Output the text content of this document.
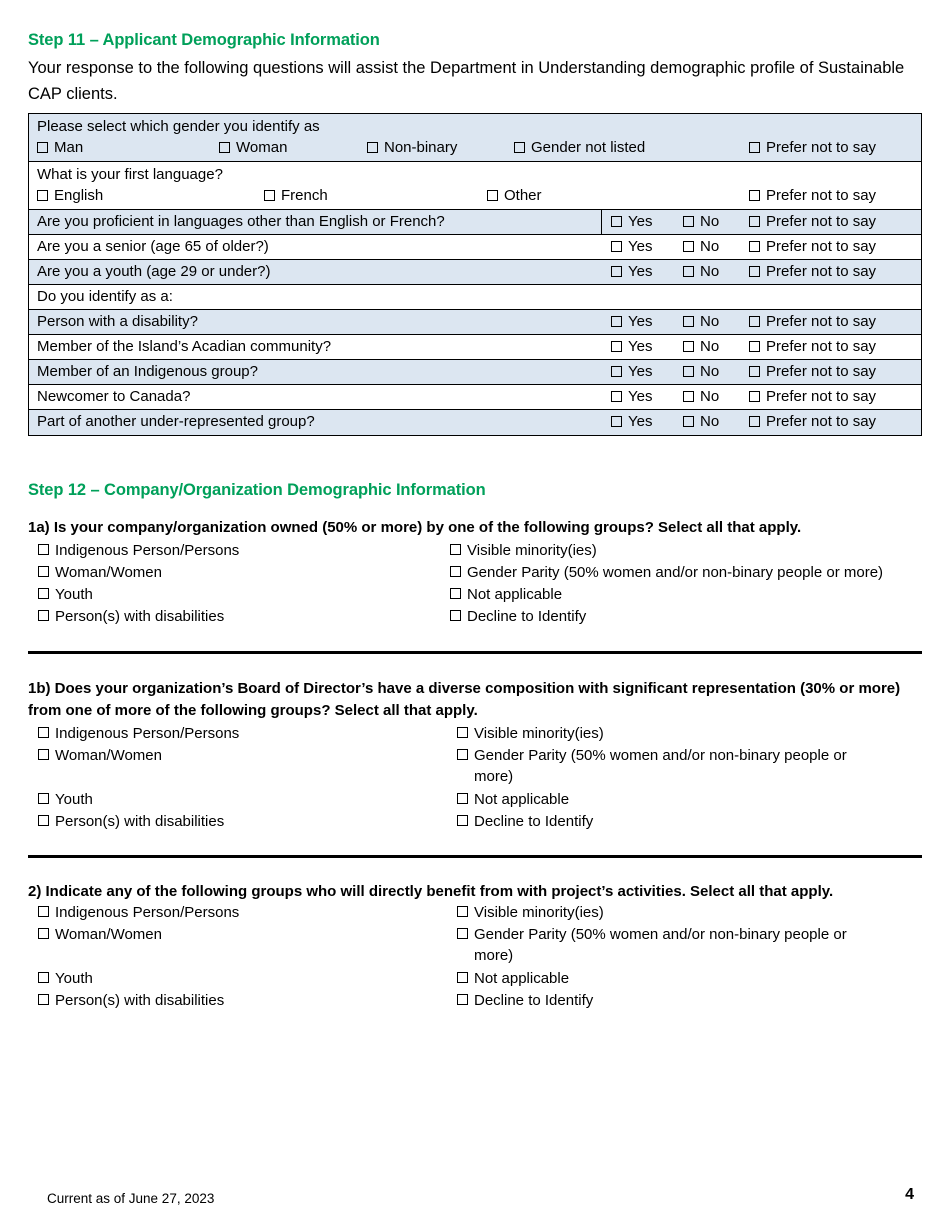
Step 11 – Applicant Demographic Information
Your response to the following questions will assist the Department in Understanding demographic profile of Sustainable CAP clients.
Please select which gender you identify as
Man	Woman	Non-binary	Gender not listed	Prefer not to say
What is your first language?
English	French	Other	Prefer not to say
Are you proficient in languages other than English or French?	Yes	No	Prefer not to say
Are you a senior (age 65 of older?)	Yes	No	Prefer not to say
Are you a youth (age 29 or under?)	Yes	No	Prefer not to say
Do you identify as a:
Person with a disability?	Yes	No	Prefer not to say
Member of the Island’s Acadian community?	Yes	No	Prefer not to say
Member of an Indigenous group?	Yes	No	Prefer not to say
Newcomer to Canada?	Yes	No	Prefer not to say
Part of another under-represented group?	Yes	No	Prefer not to say
Step 12 – Company/Organization Demographic Information
1a) Is your company/organization owned (50% or more) by one of the following groups? Select all that apply.
Indigenous Person/Persons
Woman/Women
Youth
Person(s) with disabilities
Visible minority(ies)
Gender Parity (50% women and/or non-binary people or more)
Not applicable
Decline to Identify
1b) Does your organization’s Board of Director’s have a diverse composition with significant representation (30% or more) from one of more of the following groups? Select all that apply.
Indigenous Person/Persons
Woman/Women
Youth
Person(s) with disabilities
Visible minority(ies)
Gender Parity (50% women and/or non-binary people or more)
Not applicable
Decline to Identify
2) Indicate any of the following groups who will directly benefit from with project’s activities. Select all that apply.
Indigenous Person/Persons
Woman/Women
Youth
Person(s) with disabilities
Visible minority(ies)
Gender Parity (50% women and/or non-binary people or more)
Not applicable
Decline to Identify
Current as of June 27, 2023	4
